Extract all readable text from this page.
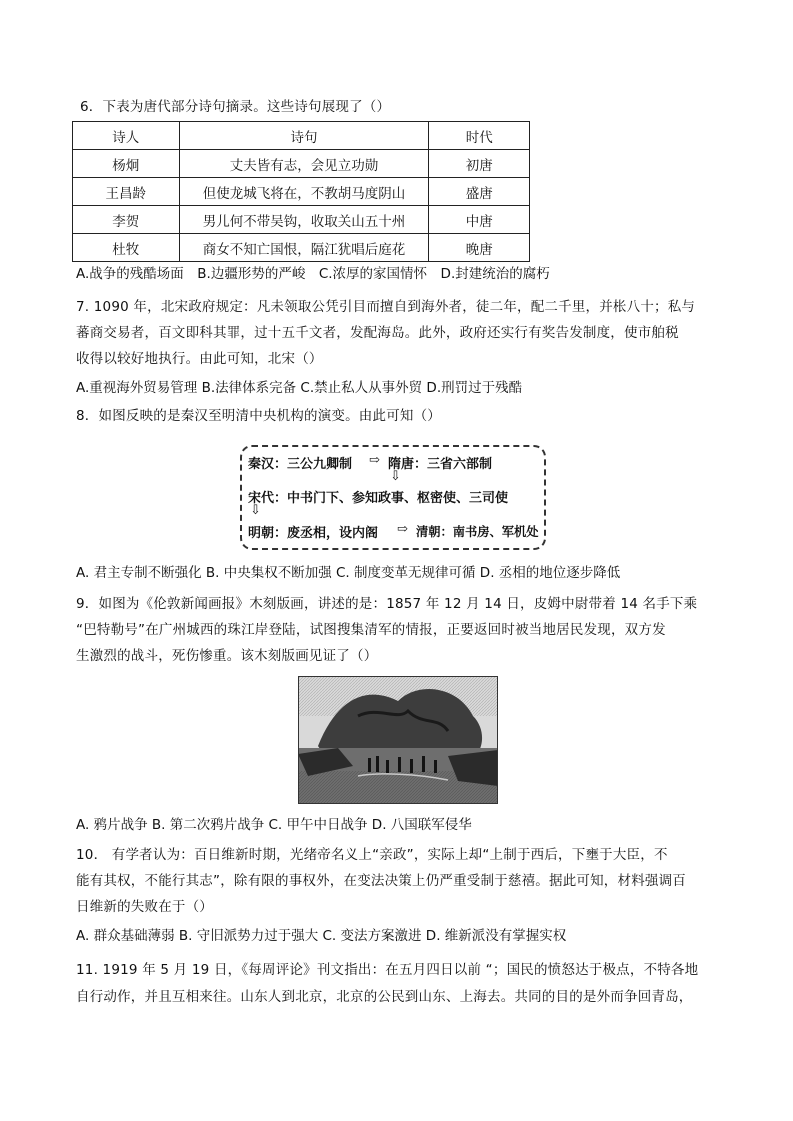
6．下表为唐代部分诗句摘录。这些诗句展现了（）
诗人	诗句	时代
杨炯	丈夫皆有志，会见立功勋	初唐
王昌龄	但使龙城飞将在，不教胡马度阴山	盛唐
李贺	男儿何不带吴钩，收取关山五十州	中唐
杜牧	商女不知亡国恨，隔江犹唱后庭花	晚唐
A.战争的残酷场面　B.边疆形势的严峻　C.浓厚的家国情怀　D.封建统治的腐朽
7. 1090 年，北宋政府规定：凡未领取公凭引目而擅自到海外者，徒二年，配二千里，并枨八十；私与
蕃商交易者，百文即科其罪，过十五千文者，发配海岛。此外，政府还实行有奖告发制度，使市舶税
收得以较好地执行。由此可知，北宋（）
A.重视海外贸易管理 B.法律体系完备 C.禁止私人从事外贸 D.刑罚过于残酷
8．如图反映的是秦汉至明清中央机构的演变。由此可知（）
秦汉：三公九卿制 ⇨ 隋唐：三省六部制
⇩
宋代：中书门下、参知政事、枢密使、三司使
⇩
明朝：废丞相，设内阁 ⇨ 清朝：南书房、军机处
A. 君主专制不断强化 B. 中央集权不断加强 C. 制度变革无规律可循 D. 丞相的地位逐步降低
9．如图为《伦敦新闻画报》木刻版画，讲述的是：1857 年 12 月 14 日，皮姆中尉带着 14 名手下乘
“巴特勒号”在广州城西的珠江岸登陆，试图搜集清军的情报，正要返回时被当地居民发现，双方发
生激烈的战斗，死伤惨重。该木刻版画见证了（）
A. 鸦片战争 B. 第二次鸦片战争 C. 甲午中日战争 D. 八国联军侵华
10． 有学者认为：百日维新时期，光绪帝名义上“亲政”，实际上却“上制于西后，下壅于大臣，不
能有其权，不能行其志”，除有限的事权外，在变法决策上仍严重受制于慈禧。据此可知，材料强调百
日维新的失败在于（）
A. 群众基础薄弱 B. 守旧派势力过于强大 C. 变法方案激进 D. 维新派没有掌握实权
11. 1919 年 5 月 19 日，《每周评论》刊文指出：在五月四日以前 “；国民的愤怒达于极点，不特各地
自行动作，并且互相来往。山东人到北京，北京的公民到山东、上海去。共同的目的是外而争回青岛，
